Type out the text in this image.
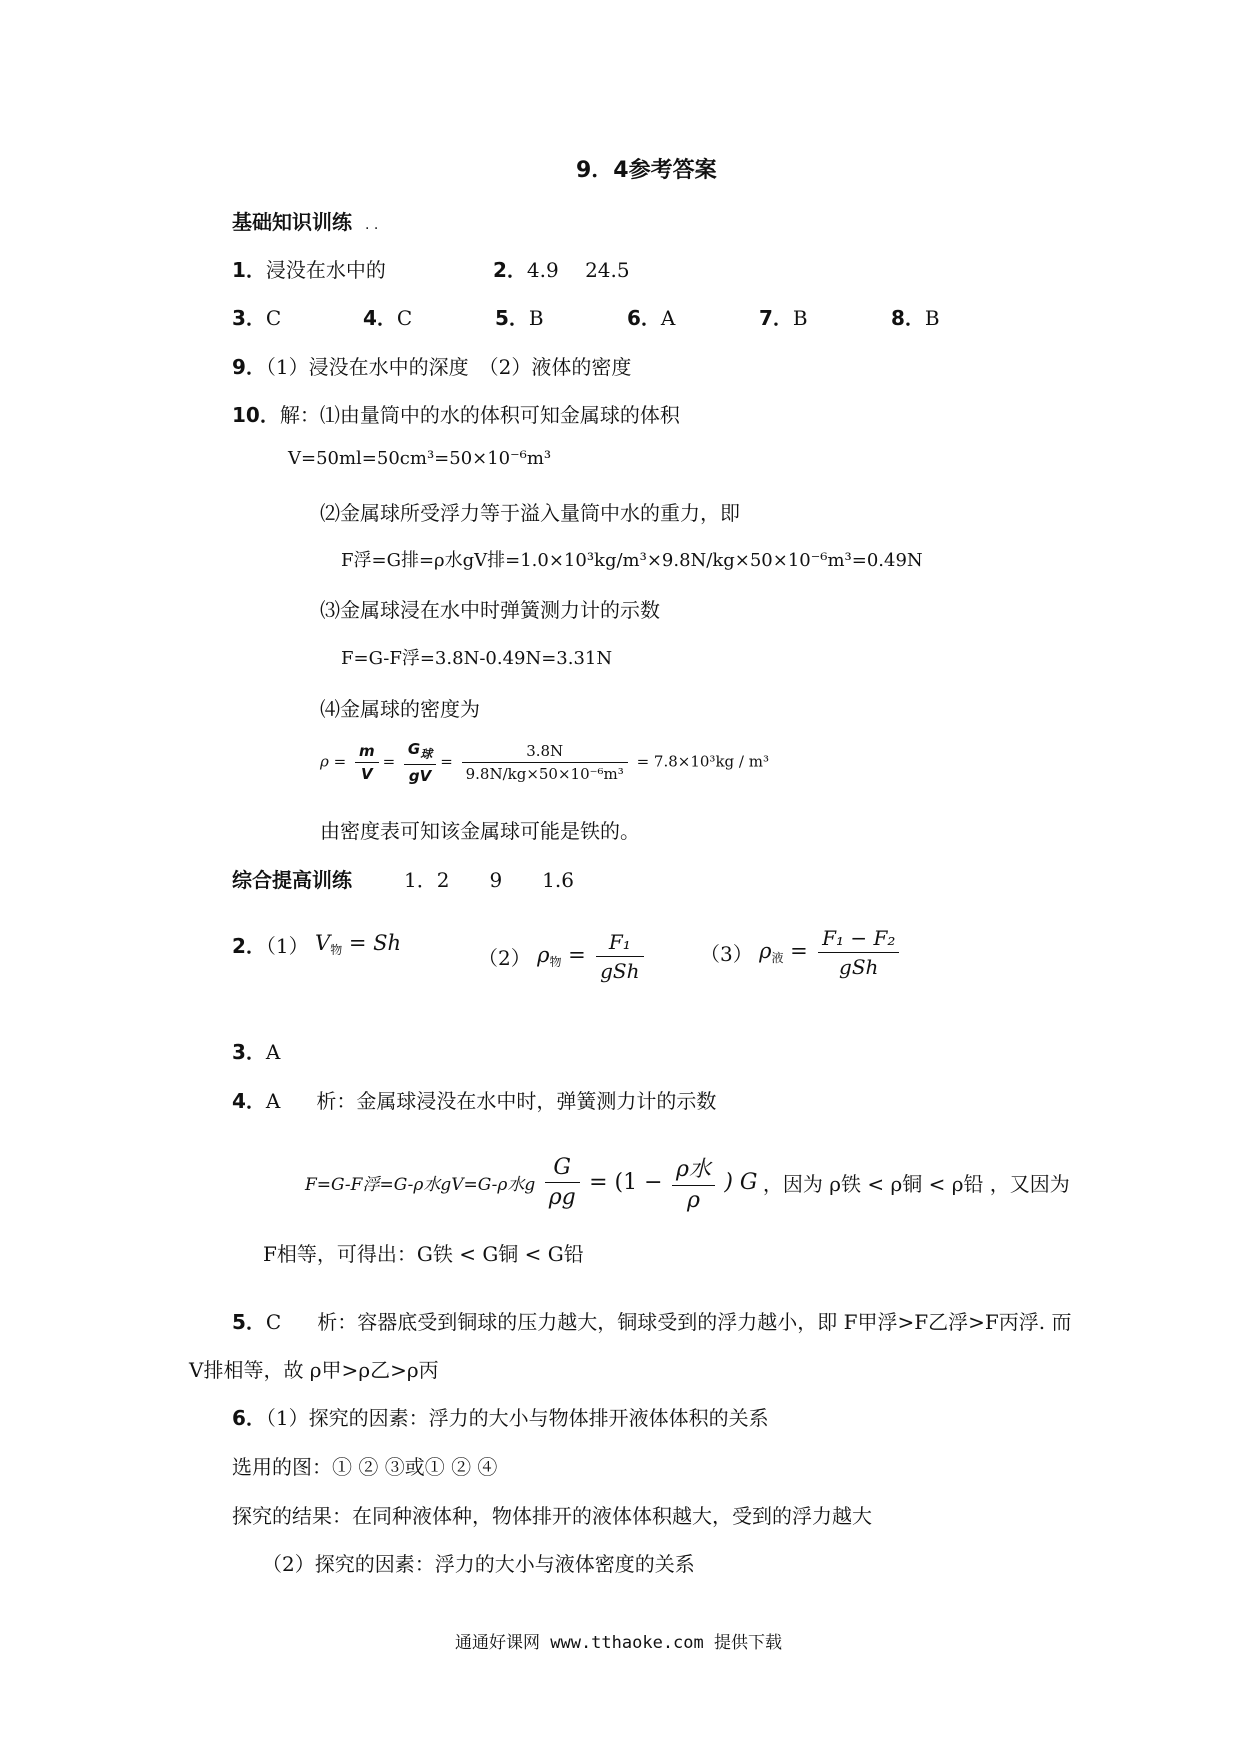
9．4参考答案
基础知识训练 . .
1．浸没在水中的	2．4.9　 24.5
3．C	4．C	5．B	6．A	7．B	8．B
9．（1）浸没在水中的深度　（2）液体的密度
10．解：⑴由量筒中的水的体积可知金属球的体积
V=50ml=50cm³=50×10⁻⁶m³
⑵金属球所受浮力等于溢入量筒中水的重力，即
F浮=G排=ρ水gV排=1.0×10³kg/m³×9.8N/kg×50×10⁻⁶m³=0.49N
⑶金属球浸在水中时弹簧测力计的示数
F=G-F浮=3.8N-0.49N=3.31N
⑷金属球的密度为
$\rho = \frac{m}{V} = \frac{G_球}{gV} = \frac{3.8N}{\text{9.8N/kg×50×10⁻⁶m³}} = 7.8\times 10^3kg / m^3$
由密度表可知该金属球可能是铁的。
综合提高训练	1．2　　9　　1.6
2．（1） $V_物 = Sh$
（2） $\rho_物 = \frac{\text{F₁}}{\text{gSh}}$	（3） $\rho_液 = \frac{\text{F₁ − F₂}}{\text{gSh}}$
3．A
4．A 析：金属球浸没在水中时，弹簧测力计的示数
F=G-F浮=G-ρ水gV=G-ρ水g $\frac{G}{\rho g} = (1 - \frac{\text{ρ水}}{\rho}$ ) G ，因为 ρ铁 < ρ铜 < ρ铅 ，又因为
F相等，可得出：G铁 < G铜 < G铅
5．C 析：容器底受到铜球的压力越大，铜球受到的浮力越小，即 F甲浮>F乙浮>F丙浮. 而
V排相等，故 ρ甲>ρ乙>ρ丙
6．（1）探究的因素：浮力的大小与物体排开液体体积的关系
选用的图：① ② ③或① ② ④
探究的结果：在同种液体种，物体排开的液体体积越大，受到的浮力越大
（2）探究的因素：浮力的大小与液体密度的关系
通通好课网 www.tthaoke.com 提供下载
